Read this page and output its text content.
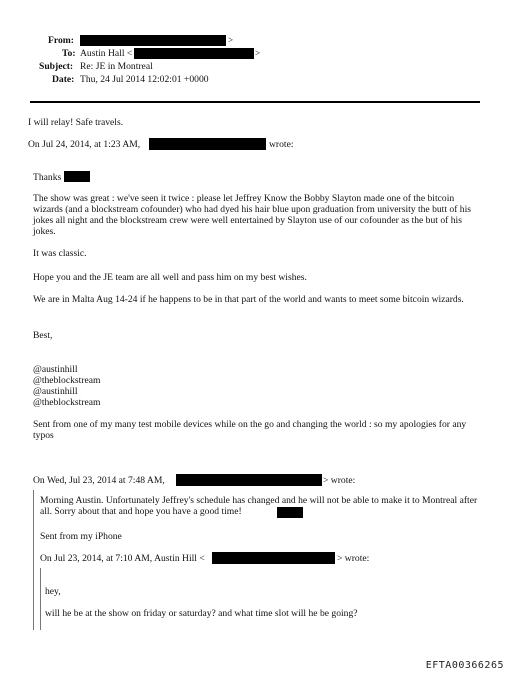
From:	>
To: Austin Hall <	>
Subject: Re: JE in Montreal
Date: Thu, 24 Jul 2014 12:02:01 +0000
I will relay! Safe travels.
On Jul 24, 2014, at 1:23 AM,	wrote:
Thanks

The show was great : we've seen it twice : please let Jeffrey Know the Bobby Slayton made one of the bitcoin wizards (and a blockstream cofounder) who had dyed his hair blue upon graduation from university the butt of his jokes all night and the blockstream crew were well entertained by Slayton use of our cofounder as the but of his jokes.

It was classic.

Hope you and the JE team are all well and pass him on my best wishes.

We are in Malta Aug 14-24 if he happens to be in that part of the world and wants to meet some bitcoin wizards.

Best,
@austinhill
@theblockstream
@austinhill
@theblockstream

Sent from one of my many test mobile devices while on the go and changing the world : so my apologies for any typos

On Wed, Jul 23, 2014 at 7:48 AM,	> wrote:

Morning Austin. Unfortunately Jeffrey's schedule has changed and he will not be able to make it to Montreal after all. Sorry about that and hope you have a good time!

Sent from my iPhone
On Jul 23, 2014, at 7:10 AM, Austin Hill <	> wrote:
hey,
will he be at the show on friday or saturday? and what time slot will he be going?
EFTA00366265
